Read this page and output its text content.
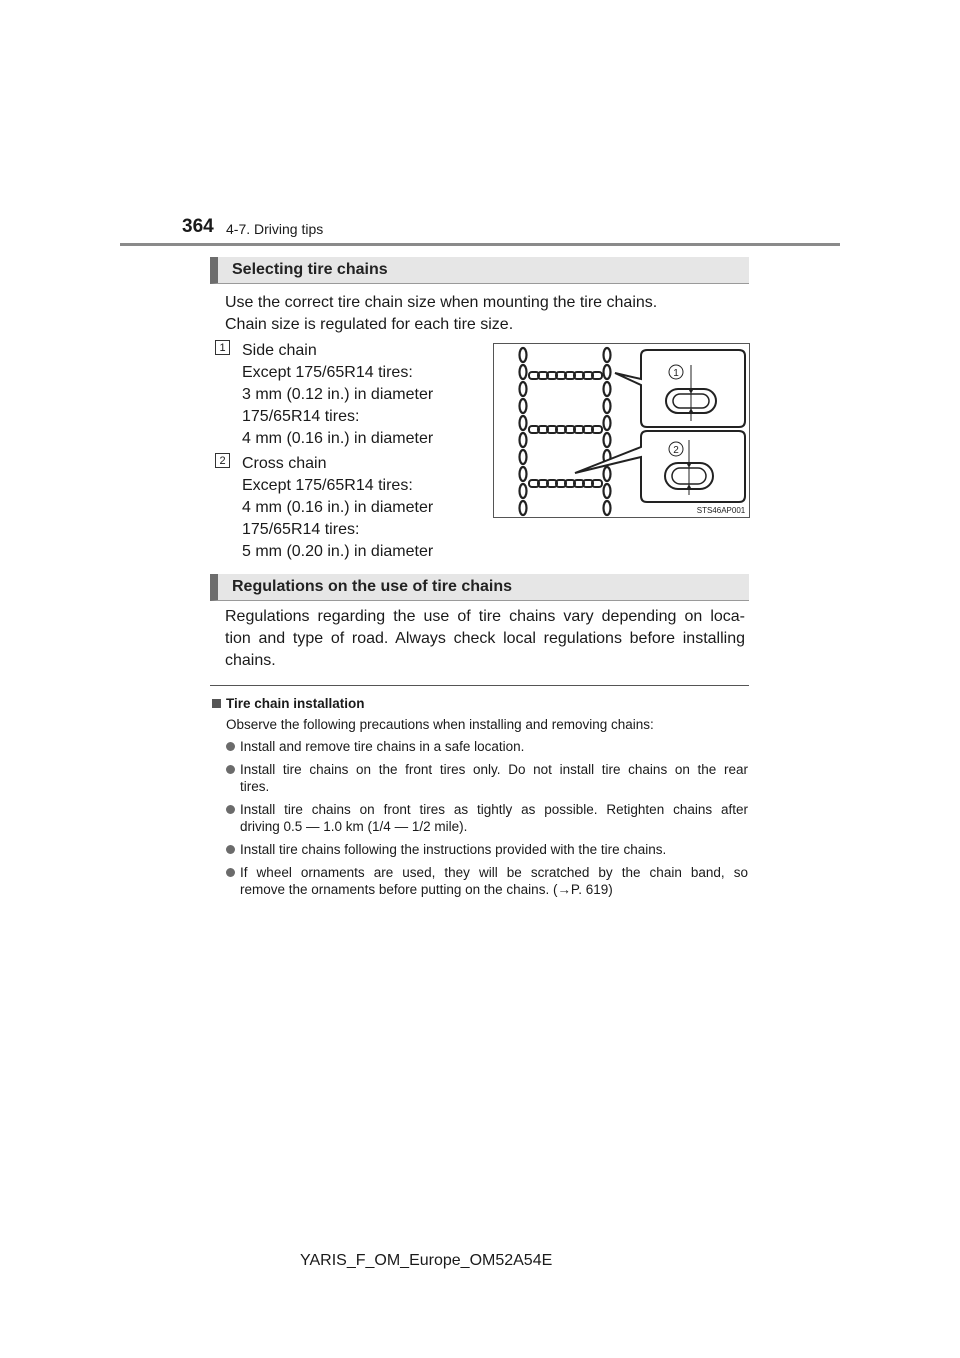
364 4-7. Driving tips
Selecting tire chains
Use the correct tire chain size when mounting the tire chains.
Chain size is regulated for each tire size.
1 Side chain
Except 175/65R14 tires:
3 mm (0.12 in.) in diameter
175/65R14 tires:
4 mm (0.16 in.) in diameter
2 Cross chain
Except 175/65R14 tires:
4 mm (0.16 in.) in diameter
175/65R14 tires:
5 mm (0.20 in.) in diameter
1
2
STS46AP001
Regulations on the use of tire chains
Regulations regarding the use of tire chains vary depending on loca-
tion and type of road. Always check local regulations before installing
chains.
Tire chain installation
Observe the following precautions when installing and removing chains:
Install and remove tire chains in a safe location.
Install tire chains on the front tires only. Do not install tire chains on the rear
tires.
Install tire chains on front tires as tightly as possible. Retighten chains after
driving 0.5 — 1.0 km (1/4 — 1/2 mile).
Install tire chains following the instructions provided with the tire chains.
If wheel ornaments are used, they will be scratched by the chain band, so
remove the ornaments before putting on the chains. (→P. 619)
YARIS_F_OM_Europe_OM52A54E
